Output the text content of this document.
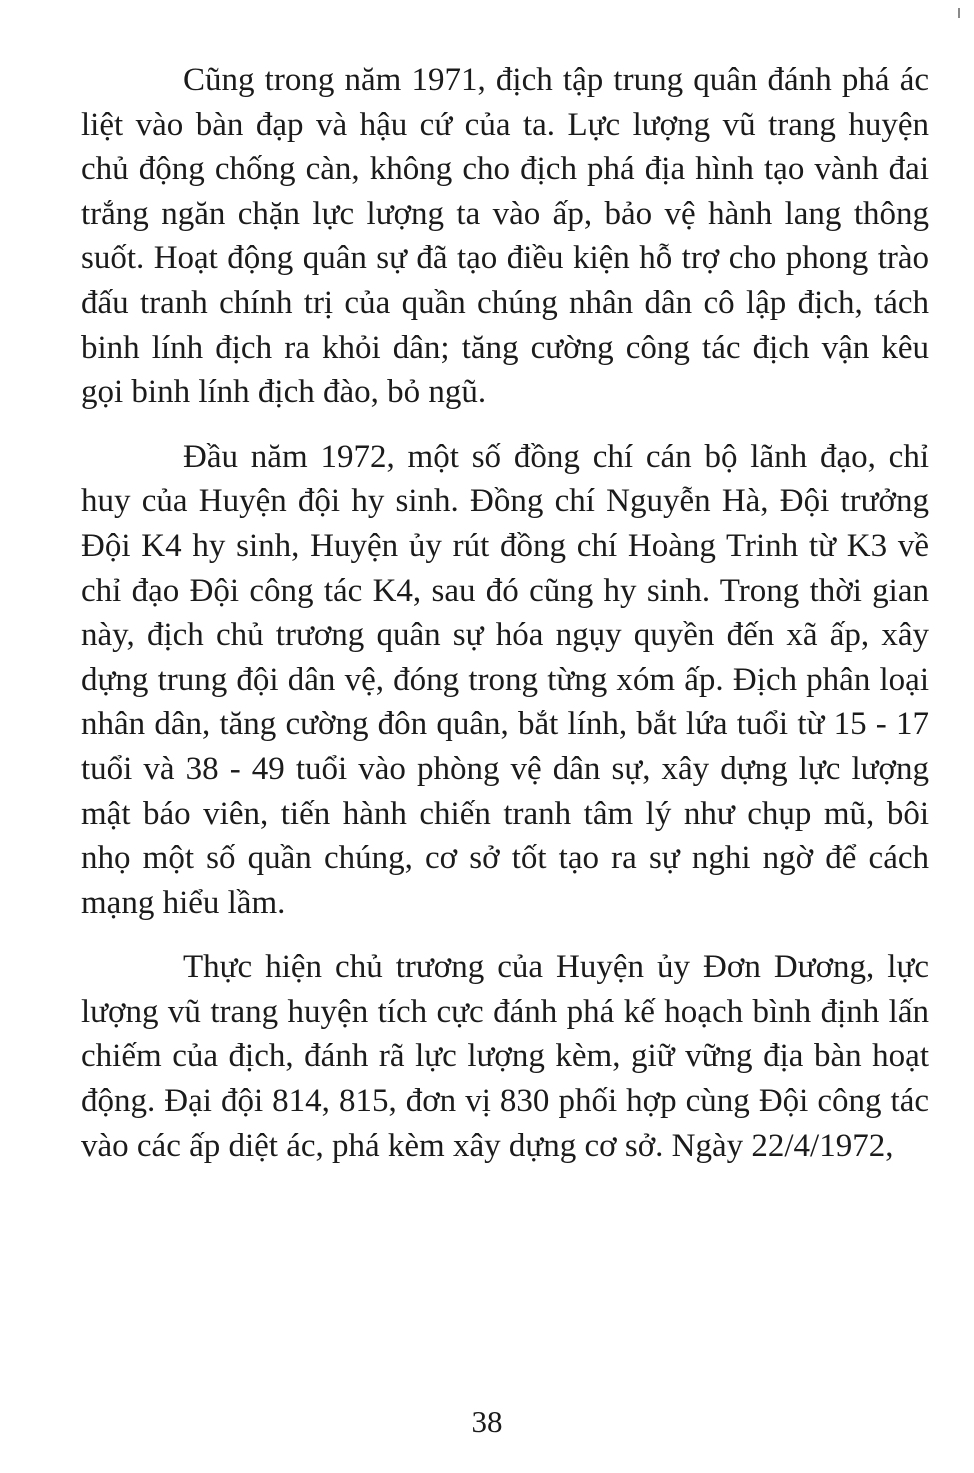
Cũng trong năm 1971, địch tập trung quân đánh phá ác liệt vào bàn đạp và hậu cứ của ta. Lực lượng vũ trang huyện chủ động chống càn, không cho địch phá địa hình tạo vành đai trắng ngăn chặn lực lượng ta vào ấp, bảo vệ hành lang thông suốt. Hoạt động quân sự đã tạo điều kiện hỗ trợ cho phong trào đấu tranh chính trị của quần chúng nhân dân cô lập địch, tách binh lính địch ra khỏi dân; tăng cường công tác địch vận kêu gọi binh lính địch đào, bỏ ngũ.

Đầu năm 1972, một số đồng chí cán bộ lãnh đạo, chỉ huy của Huyện đội hy sinh. Đồng chí Nguyễn Hà, Đội trưởng Đội K4 hy sinh, Huyện ủy rút đồng chí Hoàng Trinh từ K3 về chỉ đạo Đội công tác K4, sau đó cũng hy sinh. Trong thời gian này, địch chủ trương quân sự hóa ngụy quyền đến xã ấp, xây dựng trung đội dân vệ, đóng trong từng xóm ấp. Địch phân loại nhân dân, tăng cường đôn quân, bắt lính, bắt lứa tuổi từ 15 - 17 tuổi và 38 - 49 tuổi vào phòng vệ dân sự, xây dựng lực lượng mật báo viên, tiến hành chiến tranh tâm lý như chụp mũ, bôi nhọ một số quần chúng, cơ sở tốt tạo ra sự nghi ngờ để cách mạng hiểu lầm.

Thực hiện chủ trương của Huyện ủy Đơn Dương, lực lượng vũ trang huyện tích cực đánh phá kế hoạch bình định lấn chiếm của địch, đánh rã lực lượng kèm, giữ vững địa bàn hoạt động. Đại đội 814, 815, đơn vị 830 phối hợp cùng Đội công tác vào các ấp diệt ác, phá kèm xây dựng cơ sở. Ngày 22/4/1972,

38
